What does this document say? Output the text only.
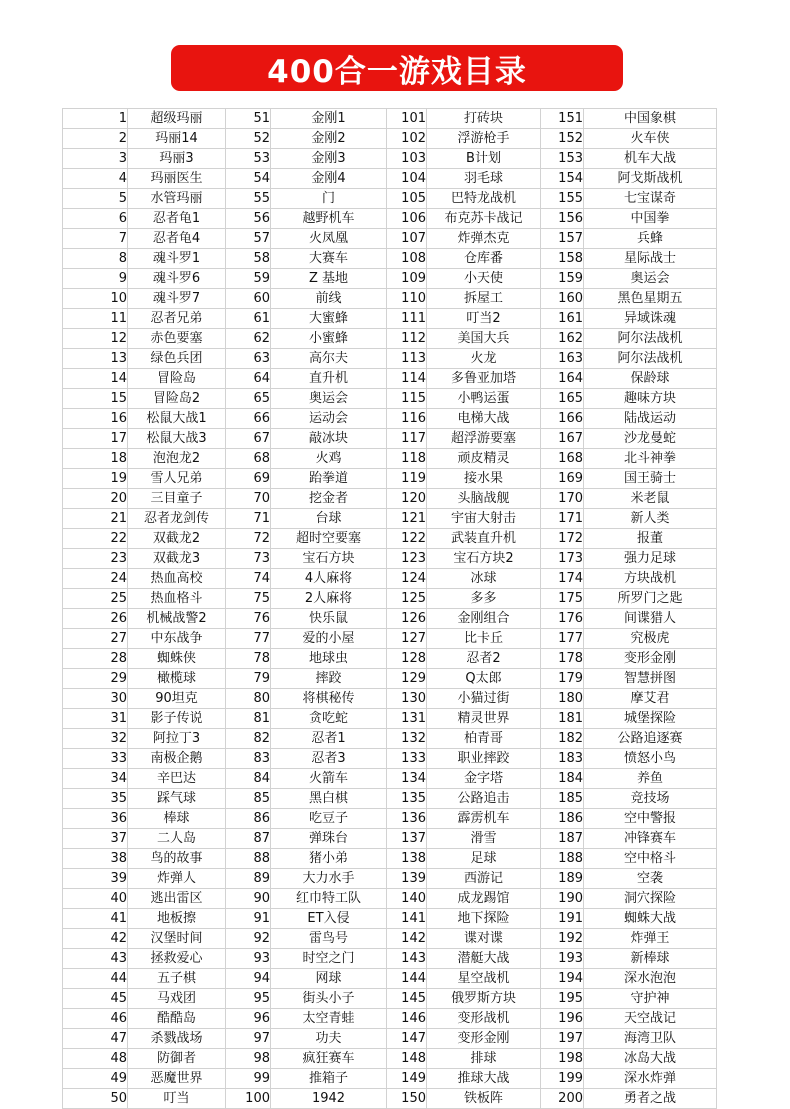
400合一游戏目录
1	超级玛丽	51	金刚1	101	打砖块	151	中国象棋
2	玛丽14	52	金刚2	102	浮游枪手	152	火车侠
3	玛丽3	53	金刚3	103	B计划	153	机车大战
4	玛丽医生	54	金刚4	104	羽毛球	154	阿戈斯战机
5	水管玛丽	55	门	105	巴特龙战机	155	七宝谋奇
6	忍者龟1	56	越野机车	106	布克苏卡战记	156	中国拳
7	忍者龟4	57	火凤凰	107	炸弹杰克	157	兵蜂
8	魂斗罗1	58	大赛车	108	仓库番	158	星际战士
9	魂斗罗6	59	Z 基地	109	小天使	159	奥运会
10	魂斗罗7	60	前线	110	拆屋工	160	黑色星期五
11	忍者兄弟	61	大蜜蜂	111	叮当2	161	异域诛魂
12	赤色要塞	62	小蜜蜂	112	美国大兵	162	阿尔法战机
13	绿色兵团	63	高尔夫	113	火龙	163	阿尔法战机
14	冒险岛	64	直升机	114	多鲁亚加塔	164	保龄球
15	冒险岛2	65	奥运会	115	小鸭运蛋	165	趣味方块
16	松鼠大战1	66	运动会	116	电梯大战	166	陆战运动
17	松鼠大战3	67	敲冰块	117	超浮游要塞	167	沙龙曼蛇
18	泡泡龙2	68	火鸡	118	顽皮精灵	168	北斗神拳
19	雪人兄弟	69	跆拳道	119	接水果	169	国王骑士
20	三目童子	70	挖金者	120	头脑战舰	170	米老鼠
21	忍者龙剑传	71	台球	121	宇宙大射击	171	新人类
22	双截龙2	72	超时空要塞	122	武装直升机	172	报董
23	双截龙3	73	宝石方块	123	宝石方块2	173	强力足球
24	热血高校	74	4人麻将	124	冰球	174	方块战机
25	热血格斗	75	2人麻将	125	多多	175	所罗门之匙
26	机械战警2	76	快乐鼠	126	金刚组合	176	间谍猎人
27	中东战争	77	爱的小屋	127	比卡丘	177	究极虎
28	蜘蛛侠	78	地球虫	128	忍者2	178	变形金刚
29	橄榄球	79	摔跤	129	Q太郎	179	智慧拼图
30	90坦克	80	将棋秘传	130	小猫过街	180	摩艾君
31	影子传说	81	贪吃蛇	131	精灵世界	181	城堡探险
32	阿拉丁3	82	忍者1	132	柏青哥	182	公路追逐赛
33	南极企鹅	83	忍者3	133	职业摔跤	183	愤怒小鸟
34	辛巴达	84	火箭车	134	金字塔	184	养鱼
35	踩气球	85	黑白棋	135	公路追击	185	竞技场
36	棒球	86	吃豆子	136	霹雳机车	186	空中警报
37	二人岛	87	弹珠台	137	滑雪	187	冲锋赛车
38	鸟的故事	88	猪小弟	138	足球	188	空中格斗
39	炸弹人	89	大力水手	139	西游记	189	空袭
40	逃出雷区	90	红巾特工队	140	成龙踢馆	190	洞穴探险
41	地板擦	91	ET入侵	141	地下探险	191	蜘蛛大战
42	汉堡时间	92	雷鸟号	142	谍对谍	192	炸弹王
43	拯救爱心	93	时空之门	143	潜艇大战	193	新棒球
44	五子棋	94	网球	144	星空战机	194	深水泡泡
45	马戏团	95	街头小子	145	俄罗斯方块	195	守护神
46	酷酷岛	96	太空青蛙	146	变形战机	196	天空战记
47	杀戮战场	97	功夫	147	变形金刚	197	海湾卫队
48	防御者	98	疯狂赛车	148	排球	198	冰岛大战
49	恶魔世界	99	推箱子	149	推球大战	199	深水炸弹
50	叮当	100	1942	150	铁板阵	200	勇者之战
